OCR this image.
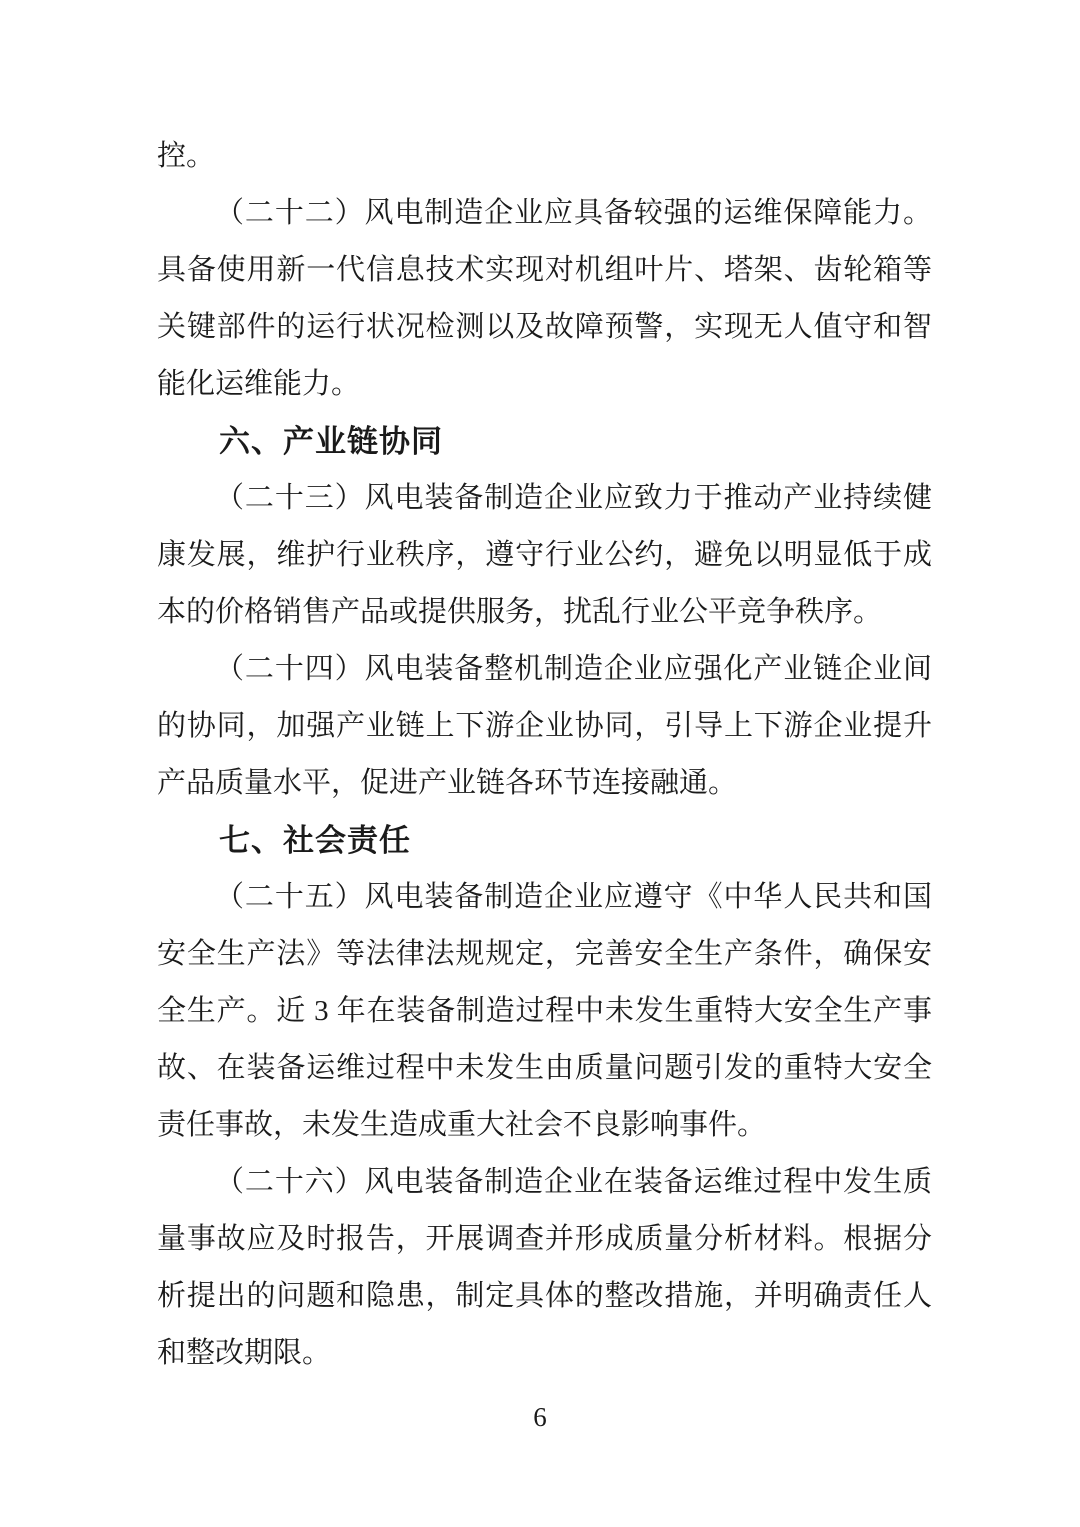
控。
（二十二）风电制造企业应具备较强的运维保障能力。
具备使用新一代信息技术实现对机组叶片、塔架、齿轮箱等
关键部件的运行状况检测以及故障预警，实现无人值守和智
能化运维能力。
六、产业链协同
（二十三）风电装备制造企业应致力于推动产业持续健
康发展，维护行业秩序，遵守行业公约，避免以明显低于成
本的价格销售产品或提供服务，扰乱行业公平竞争秩序。
（二十四）风电装备整机制造企业应强化产业链企业间
的协同，加强产业链上下游企业协同，引导上下游企业提升
产品质量水平，促进产业链各环节连接融通。
七、社会责任
（二十五）风电装备制造企业应遵守《中华人民共和国
安全生产法》等法律法规规定，完善安全生产条件，确保安
全生产。近 3 年在装备制造过程中未发生重特大安全生产事
故、在装备运维过程中未发生由质量问题引发的重特大安全
责任事故，未发生造成重大社会不良影响事件。
（二十六）风电装备制造企业在装备运维过程中发生质
量事故应及时报告，开展调查并形成质量分析材料。根据分
析提出的问题和隐患，制定具体的整改措施，并明确责任人
和整改期限。
6
